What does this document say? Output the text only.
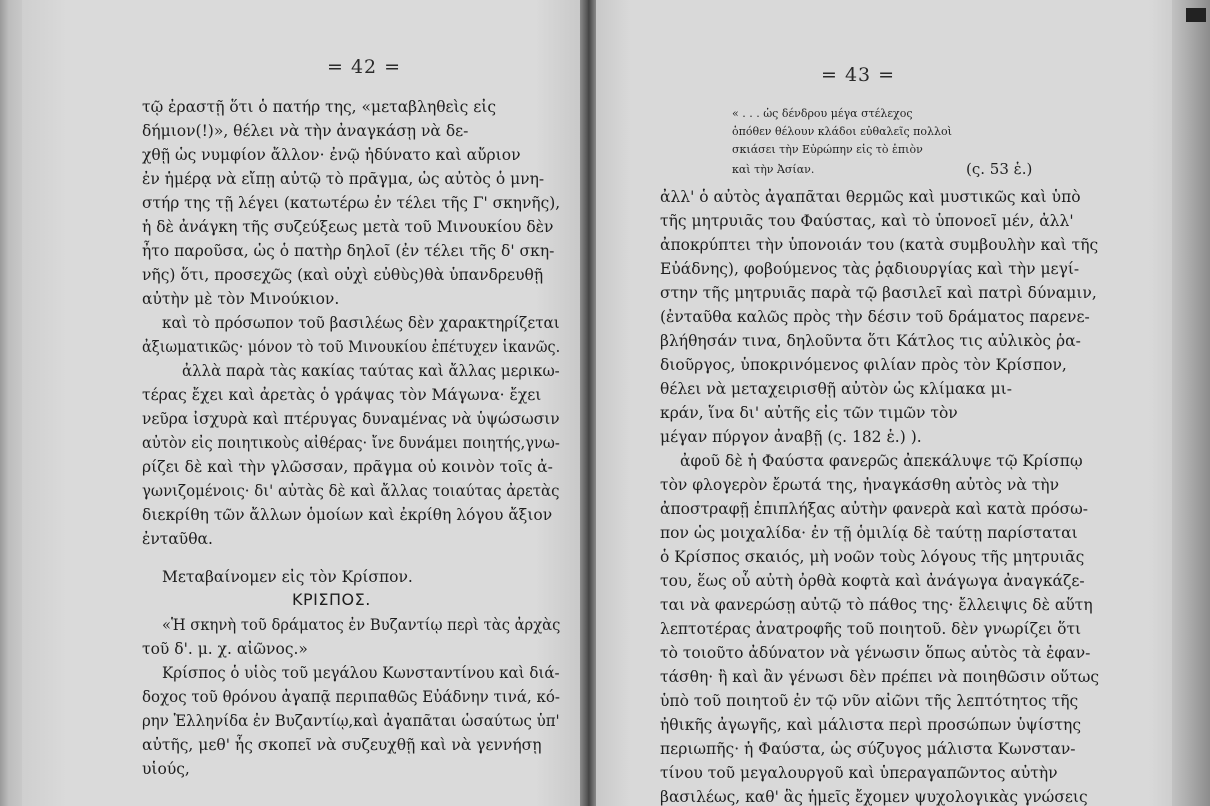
= 42 =
τῷ ἐραστῇ ὅτι ὁ πατήρ της, «μεταβληθεὶς εἰς
δήμιον(!)», θέλει νὰ τὴν ἀναγκάσῃ νὰ δε-
χθῇ ὡς νυμφίον ἄλλον· ἐνῷ ἠδύνατο καὶ αὔριον
ἐν ἡμέρᾳ νὰ εἴπῃ αὐτῷ τὸ πρᾶγμα, ὡς αὐτὸς ὁ μνη-
στήρ της τῇ λέγει (κατωτέρω ἐν τέλει τῆς Γ' σκηνῆς),
ἡ δὲ ἀνάγκη τῆς συζεύξεως μετὰ τοῦ Μινουκίου δὲν
ἦτο παροῦσα, ὡς ὁ πατὴρ δηλοῖ (ἐν τέλει τῆς δ' σκη-
νῆς) ὅτι, προσεχῶς (καὶ οὐχὶ εὐθὺς)θὰ ὑπανδρευθῇ
αὐτὴν μὲ τὸν Μινούκιον.
καὶ τὸ πρόσωπον τοῦ βασιλέως δὲν χαρακτηρίζεται
ἀξιωματικῶς· μόνον τὸ τοῦ Μινουκίου ἐπέτυχεν ἱκανῶς.
ἀλλὰ παρὰ τὰς κακίας ταύτας καὶ ἄλλας μερικω-
τέρας ἔχει καὶ ἀρετὰς ὁ γράψας τὸν Μάγωνα· ἔχει
νεῦρα ἰσχυρὰ καὶ πτέρυγας δυναμένας νὰ ὑψώσωσιν
αὐτὸν εἰς ποιητικοὺς αἰθέρας· ἴνε δυνάμει ποιητής,γνω-
ρίζει δὲ καὶ τὴν γλῶσσαν, πρᾶγμα οὐ κοινὸν τοῖς ἀ-
γωνιζομένοις· δι' αὐτὰς δὲ καὶ ἄλλας τοιαύτας ἀρετὰς
διεκρίθη τῶν ἄλλων ὁμοίων καὶ ἐκρίθη λόγου ἄξιον
ἐνταῦθα.
Μεταβαίνομεν εἰς τὸν Κρίσπον.
ΚΡΙΣΠΟΣ.
«Ἡ σκηνὴ τοῦ δράματος ἐν Βυζαντίῳ περὶ τὰς ἀρχὰς
τοῦ δ'. μ. χ. αἰῶνος.»
Κρίσπος ὁ υἱὸς τοῦ μεγάλου Κωνσταντίνου καὶ διά-
δοχος τοῦ θρόνου ἀγαπᾷ περιπαθῶς Εὐάδνην τινά, κό-
ρην Ἑλληνίδα ἐν Βυζαντίῳ,καὶ ἀγαπᾶται ὡσαύτως ὑπ'
αὐτῆς, μεθ' ἧς σκοπεῖ νὰ συζευχθῇ καὶ νὰ γεννήσῃ
υἱούς,
= 43 =
« . . . ὡς δένδρου μέγα στέλεχος
ὁπόθεν θέλουν κλάδοι εὐθαλεῖς πολλοὶ
σκιάσει τὴν Εὐρώπην εἰς τὸ ἑπιὸν
καὶ τὴν Ἀσίαν.	(ς. 53 ἑ.)
ἀλλ' ὁ αὐτὸς ἀγαπᾶται θερμῶς καὶ μυστικῶς καὶ ὑπὸ
τῆς μητρυιᾶς του Φαύστας, καὶ τὸ ὑπονοεῖ μέν, ἀλλ'
ἀποκρύπτει τὴν ὑπονοιάν του (κατὰ συμβουλὴν καὶ τῆς
Εὐάδνης), φοβούμενος τὰς ῥᾳδιουργίας καὶ τὴν μεγί-
στην τῆς μητρυιᾶς παρὰ τῷ βασιλεῖ καὶ πατρὶ δύναμιν,
(ἐνταῦθα καλῶς πρὸς τὴν δέσιν τοῦ δράματος παρενε-
βλήθησάν τινα, δηλοῦντα ὅτι Κάτλος τις αὐλικὸς ῥα-
διοῦργος, ὑποκρινόμενος φιλίαν πρὸς τὸν Κρίσπον,
θέλει νὰ μεταχειρισθῇ αὐτὸν ὡς κλίμακα μι-
κράν, ἵνα δι' αὐτῆς εἰς τῶν τιμῶν τὸν
μέγαν πύργον ἀναβῇ (ς. 182 ἑ.) ).
ἀφοῦ δὲ ἡ Φαύστα φανερῶς ἀπεκάλυψε τῷ Κρίσπῳ
τὸν φλογερὸν ἔρωτά της, ἠναγκάσθη αὐτὸς νὰ τὴν
ἀποστραφῇ ἐπιπλήξας αὐτὴν φανερὰ καὶ κατὰ πρόσω-
πον ὡς μοιχαλίδα· ἐν τῇ ὁμιλίᾳ δὲ ταύτῃ παρίσταται
ὁ Κρίσπος σκαιός, μὴ νοῶν τοὺς λόγους τῆς μητρυιᾶς
του, ἕως οὗ αὐτὴ ὀρθὰ κοφτὰ καὶ ἀνάγωγα ἀναγκάζε-
ται νὰ φανερώσῃ αὐτῷ τὸ πάθος της· ἔλλειψις δὲ αὕτη
λεπτοτέρας ἀνατροφῆς τοῦ ποιητοῦ. δὲν γνωρίζει ὅτι
τὸ τοιοῦτο ἀδύνατον νὰ γένωσιν ὅπως αὐτὸς τὰ ἐφαν-
τάσθη· ἢ καὶ ἂν γένωσι δὲν πρέπει νὰ ποιηθῶσιν οὕτως
ὑπὸ τοῦ ποιητοῦ ἐν τῷ νῦν αἰῶνι τῆς λεπτότητος τῆς
ἠθικῆς ἀγωγῆς, καὶ μάλιστα περὶ προσώπων ὑψίστης
περιωπῆς· ἡ Φαύστα, ὡς σύζυγος μάλιστα Κωνσταν-
τίνου τοῦ μεγαλουργοῦ καὶ ὑπεραγαπῶντος αὐτὴν
βασιλέως, καθ' ἃς ἡμεῖς ἔχομεν ψυχολογικὰς γνώσεις
